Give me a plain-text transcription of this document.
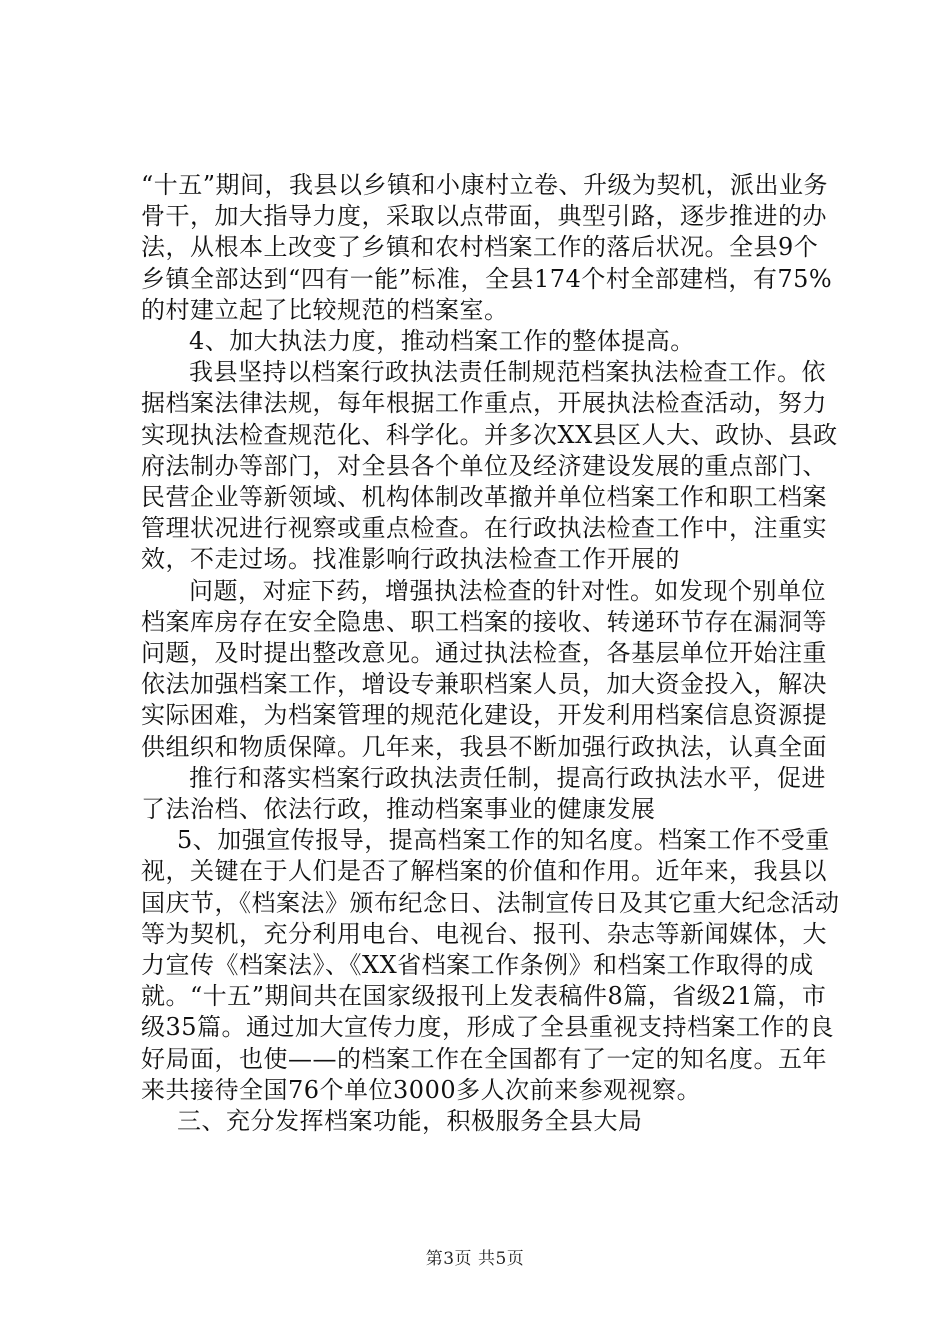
“十五”期间，我县以乡镇和小康村立卷、升级为契机，派出业务骨干，加大指导力度，采取以点带面，典型引路，逐步推进的办法，从根本上改变了乡镇和农村档案工作的落后状况。全县9个乡镇全部达到“四有一能”标准，全县174个村全部建档，有75%的村建立起了比较规范的档案室。

4、加大执法力度，推动档案工作的整体提高。

我县坚持以档案行政执法责任制规范档案执法检查工作。依据档案法律法规，每年根据工作重点，开展执法检查活动，努力实现执法检查规范化、科学化。并多次XX县区人大、政协、县政府法制办等部门，对全县各个单位及经济建设发展的重点部门、民营企业等新领域、机构体制改革撤并单位档案工作和职工档案管理状况进行视察或重点检查。在行政执法检查工作中，注重实效，不走过场。找准影响行政执法检查工作开展的

问题，对症下药，增强执法检查的针对性。如发现个别单位档案库房存在安全隐患、职工档案的接收、转递环节存在漏洞等问题，及时提出整改意见。通过执法检查，各基层单位开始注重依法加强档案工作，增设专兼职档案人员，加大资金投入，解决实际困难，为档案管理的规范化建设，开发利用档案信息资源提供组织和物质保障。几年来，我县不断加强行政执法，认真全面

推行和落实档案行政执法责任制，提高行政执法水平，促进了法治档、依法行政，推动档案事业的健康发展

5、加强宣传报导，提高档案工作的知名度。档案工作不受重视，关键在于人们是否了解档案的价值和作用。近年来，我县以国庆节，《档案法》颁布纪念日、法制宣传日及其它重大纪念活动等为契机，充分利用电台、电视台、报刊、杂志等新闻媒体，大力宣传《档案法》、《XX省档案工作条例》和档案工作取得的成就。“十五”期间共在国家级报刊上发表稿件8篇，省级21篇，市级35篇。通过加大宣传力度，形成了全县重视支持档案工作的良好局面，也使——的档案工作在全国都有了一定的知名度。五年来共接待全国76个单位3000多人次前来参观视察。

三、充分发挥档案功能，积极服务全县大局

第3页 共5页
